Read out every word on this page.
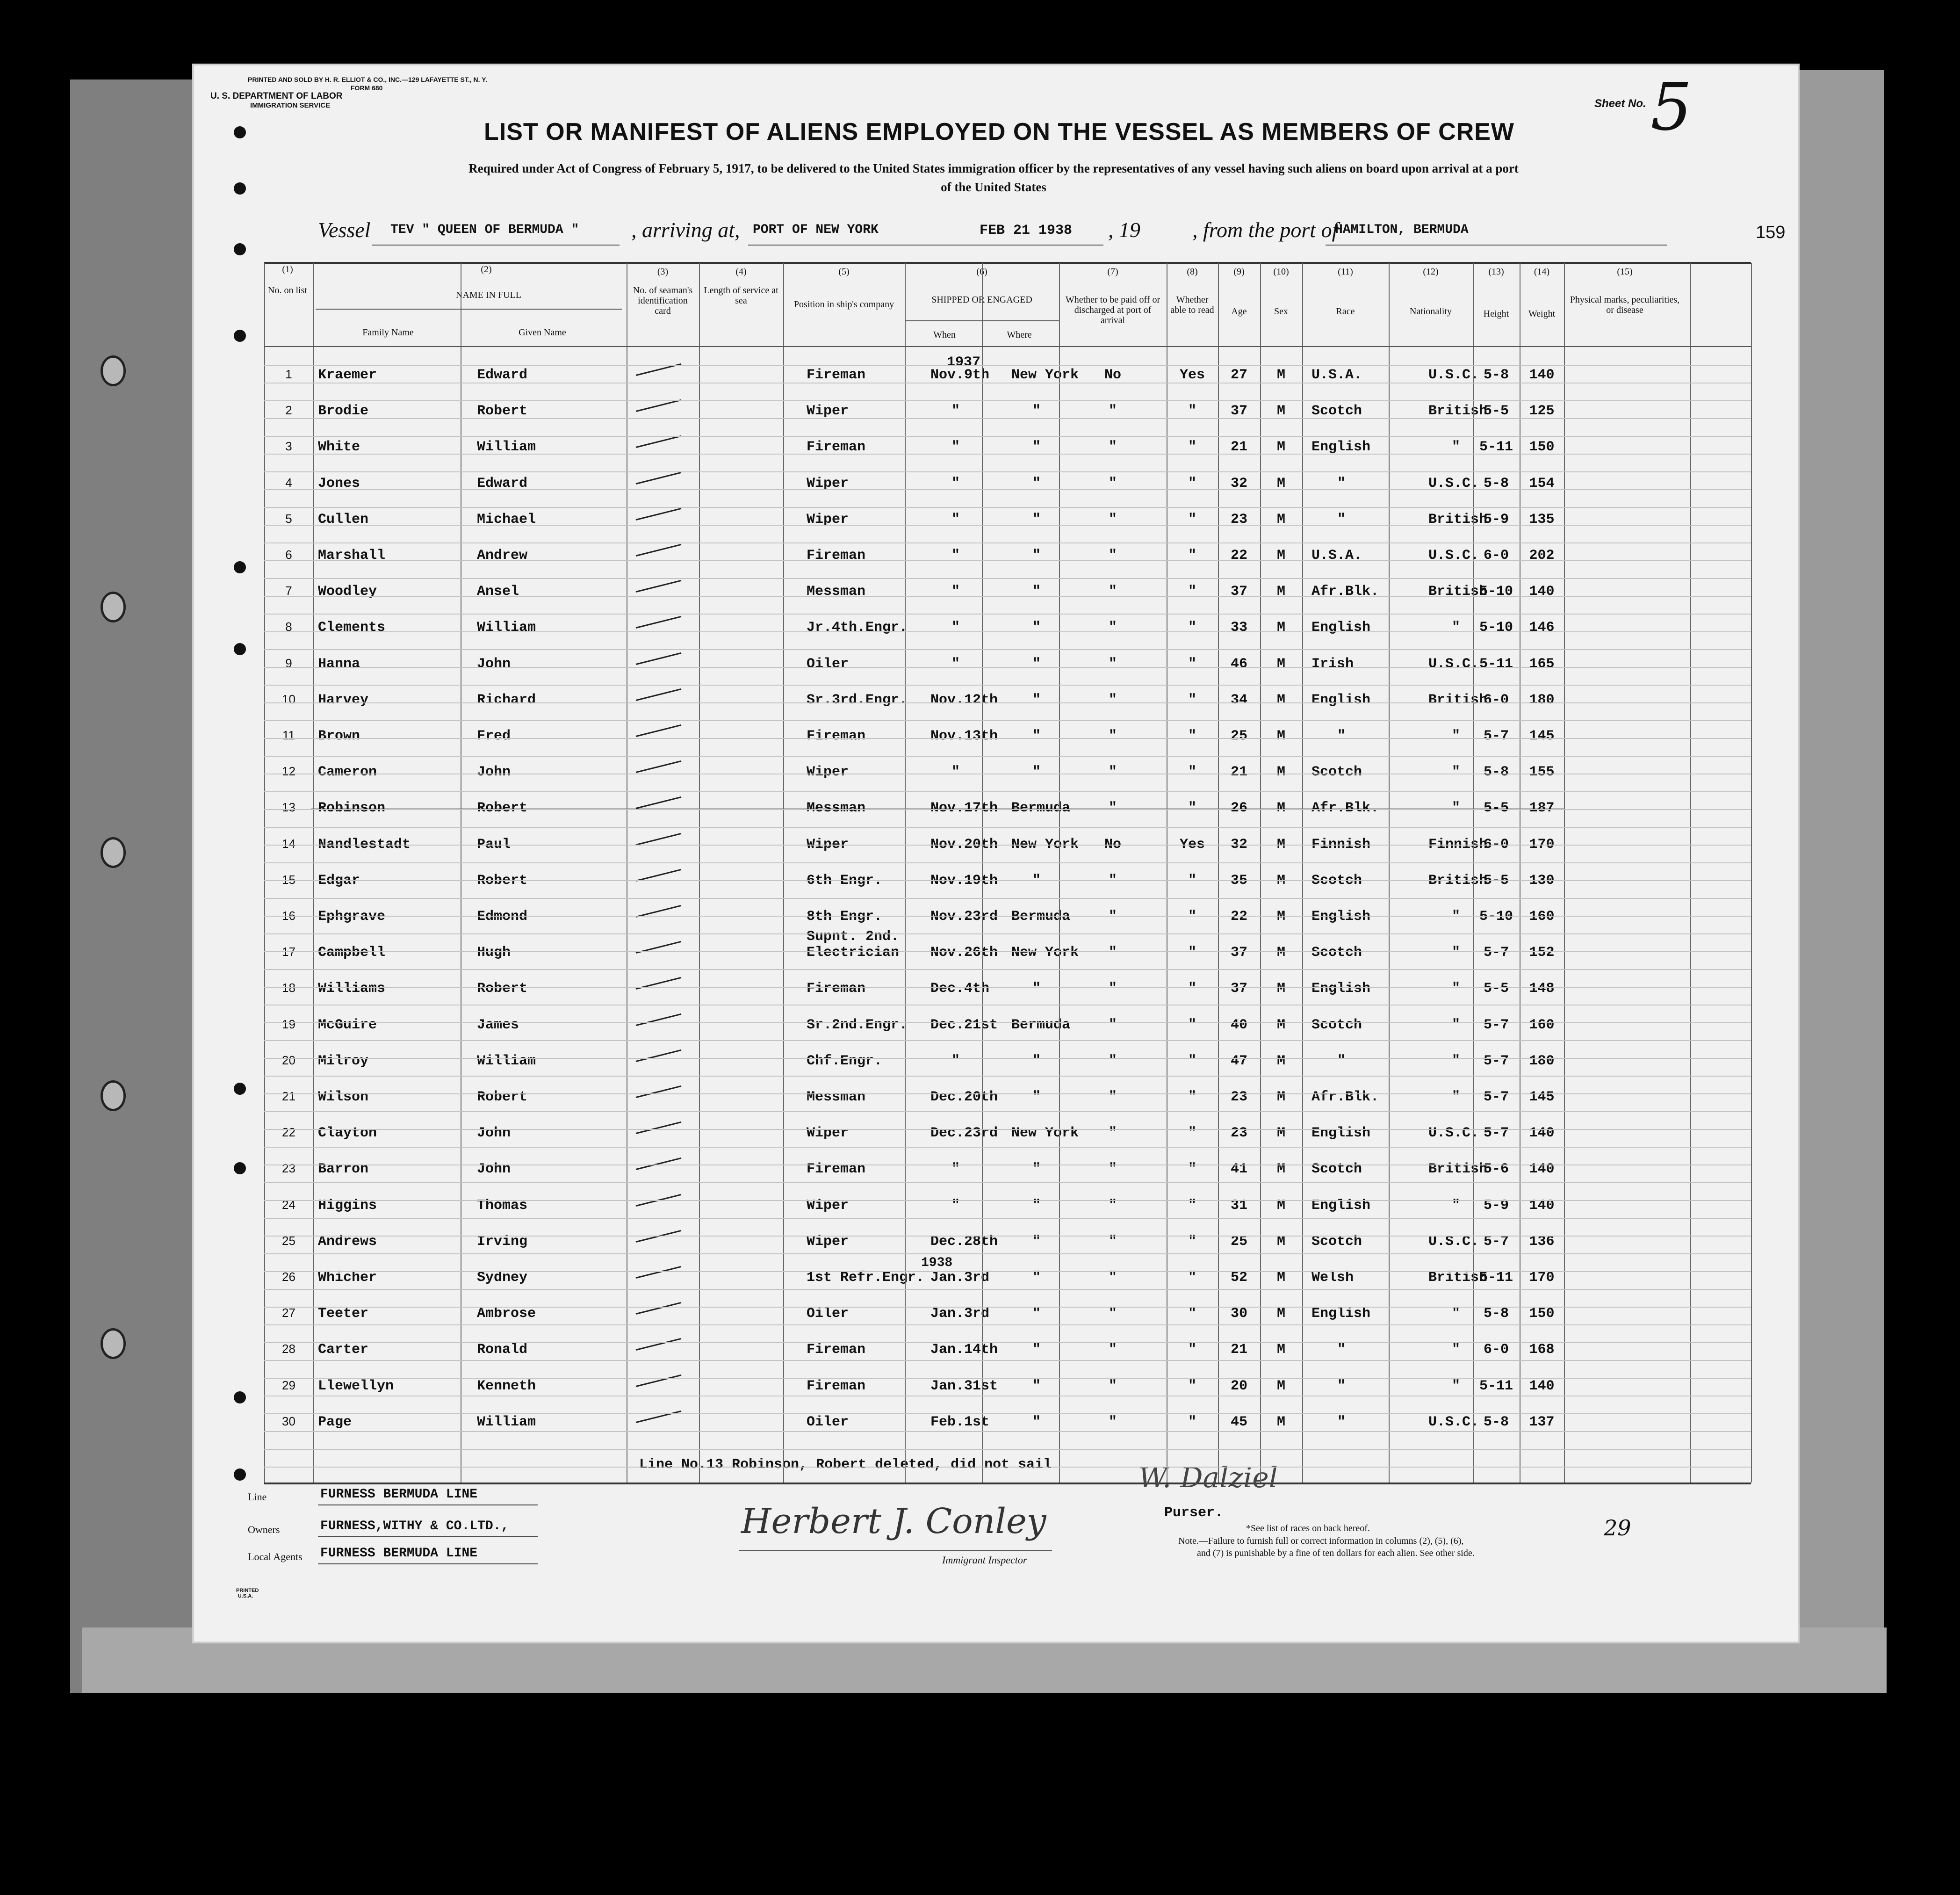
PRINTED AND SOLD BY H. R. ELLIOT & CO., INC.—129 LAFAYETTE ST., N. Y.
FORM 680
U. S. DEPARTMENT OF LABOR
IMMIGRATION SERVICE	Sheet No. 5
LIST OR MANIFEST OF ALIENS EMPLOYED ON THE VESSEL AS MEMBERS OF CREW
Required under Act of Congress of February 5, 1917, to be delivered to the United States immigration officer by the representatives of any vessel having such aliens on board upon arrival at a port
of the United States
Vessel TEV " QUEEN OF BERMUDA " , arriving at, PORT OF NEW YORK	FEB 21 1938 , 19 , from the port of
HAMILTON, BERMUDA	159
(1)	(2)	(3)	(4)	(5)	(6)	(7)	(8)	(9)	(10)	(11)	(12)	(13)	(14)	(15)
No. on list	NAME IN FULL
Family Name	Given Name
No. of seaman's identification card
Length of service at sea	Position in ship's company	SHIPPED OR ENGAGED
When	Where
Whether to be paid off or discharged at port of arrival
Whether able to read	Age	Sex	Race	Nationality	Height	Weight
Physical marks, peculiarities, or disease
1937
1938
1	Kraemer	Edward	Fireman	Nov.9th New York	No	Yes	27	M	U.S.A.	U.S.C. 5-8	140
2	Brodie	Robert	Wiper	"	"	"	"	37	M	Scotch	British
5-5	125
3	White	William	Fireman	"	"	"	"	21	M	English	"	5-11	150
4	Jones	Edward	Wiper	"	"	"	"	32	M	"	U.S.C. 5-8	154
5	Cullen	Michael	Wiper	"	"	"	"	23	M	"	British
5-9	135
6	Marshall	Andrew	Fireman	"	"	"	"	22	M	U.S.A.	U.S.C. 6-0	202
7	Woodley	Ansel	Messman	"	"	"	"	37	M	Afr.Blk.	British
5-10	140
8	Clements	William	Jr.4th.Engr.	"	"	"	"	33	M	English	"	5-10	146
9	Hanna	John	Oiler	"	"	"	"	46	M	Irish	U.S.C. 5-11	165
10	Harvey	Richard	Sr.3rd.Engr. Nov.12th "	"	"	34	M	English	British
6-0	180
11	Brown	Fred	Fireman	Nov.13th "	"	"	25	M	"	"	5-7	145
12	Cameron	John	Wiper	"	"	"	"	21	M	Scotch	"	5-8	155
13	Robinson	Robert	Messman	Nov.17th Bermuda	"	"	26	M	Afr.Blk.	"	5-5	187
14	Nandlestadt	Paul	Wiper	Nov.20th New York	No	Yes	32	M	Finnish	Finnish
6-0	170
15	Edgar	Robert	6th Engr.	Nov.19th "	"	"	35	M	Scotch	British
5-5	130
16	Ephgrave	Edmond	8th Engr.	Nov.23rd Bermuda	"	"	22	M	English	"	5-10	160
17	Campbell	Hugh	Electrician Nov.26th New York	"	"	37	M	Scotch	"	5-7	152
Supnt. 2nd.
18	Williams	Robert	Fireman	Dec.4th	"	"	"	37	M	English	"	5-5	148
19	McGuire	James	Sr.2nd.Engr. Dec.21st Bermuda	"	"	40	M	Scotch	"	5-7	160
20	Milroy	William	Chf.Engr.	"	"	"	"	47	M	"	"	5-7	180
21	Wilson	Robert	Messman	Dec.20th "	"	"	23	M	Afr.Blk.	"	5-7	145
22	Clayton	John	Wiper	Dec.23rd New York	"	"	23	M	English	U.S.C. 5-7	140
23	Barron	John	Fireman	"	"	"	"	41	M	Scotch	British
5-6	140
24	Higgins	Thomas	Wiper	"	"	"	"	31	M	English	"	5-9	140
25	Andrews	Irving	Wiper	Dec.28th "	"	"	25	M	Scotch	U.S.C. 5-7	136
26	Whicher	Sydney	1st Refr.Engr. Jan.3rd	"	"	"	52	M	Welsh	British
5-11	170
27	Teeter	Ambrose	Oiler	Jan.3rd	"	"	"	30	M	English	"	5-8	150
28	Carter	Ronald	Fireman	Jan.14th "	"	"	21	M	"	"	6-0	168
29	Llewellyn	Kenneth	Fireman	Jan.31st "	"	"	20	M	"	"	5-11	140
30	Page	William	Oiler	Feb.1st	"	"	"	45	M	"	U.S.C. 5-8	137
Line No.13 Robinson, Robert deleted, did not sail
Line	FURNESS BERMUDA LINE
Owners	FURNESS,WITHY & CO.LTD.,
Local Agents FURNESS BERMUDA LINE
PRINTED U.S.A.
Herbert J. Conley
Immigrant Inspector
W. Dalziel
Purser.
*See list of races on back hereof.
Note.—Failure to furnish full or correct information in columns (2), (5), (6),
and (7) is punishable by a fine of ten dollars for each alien. See other side.
29
